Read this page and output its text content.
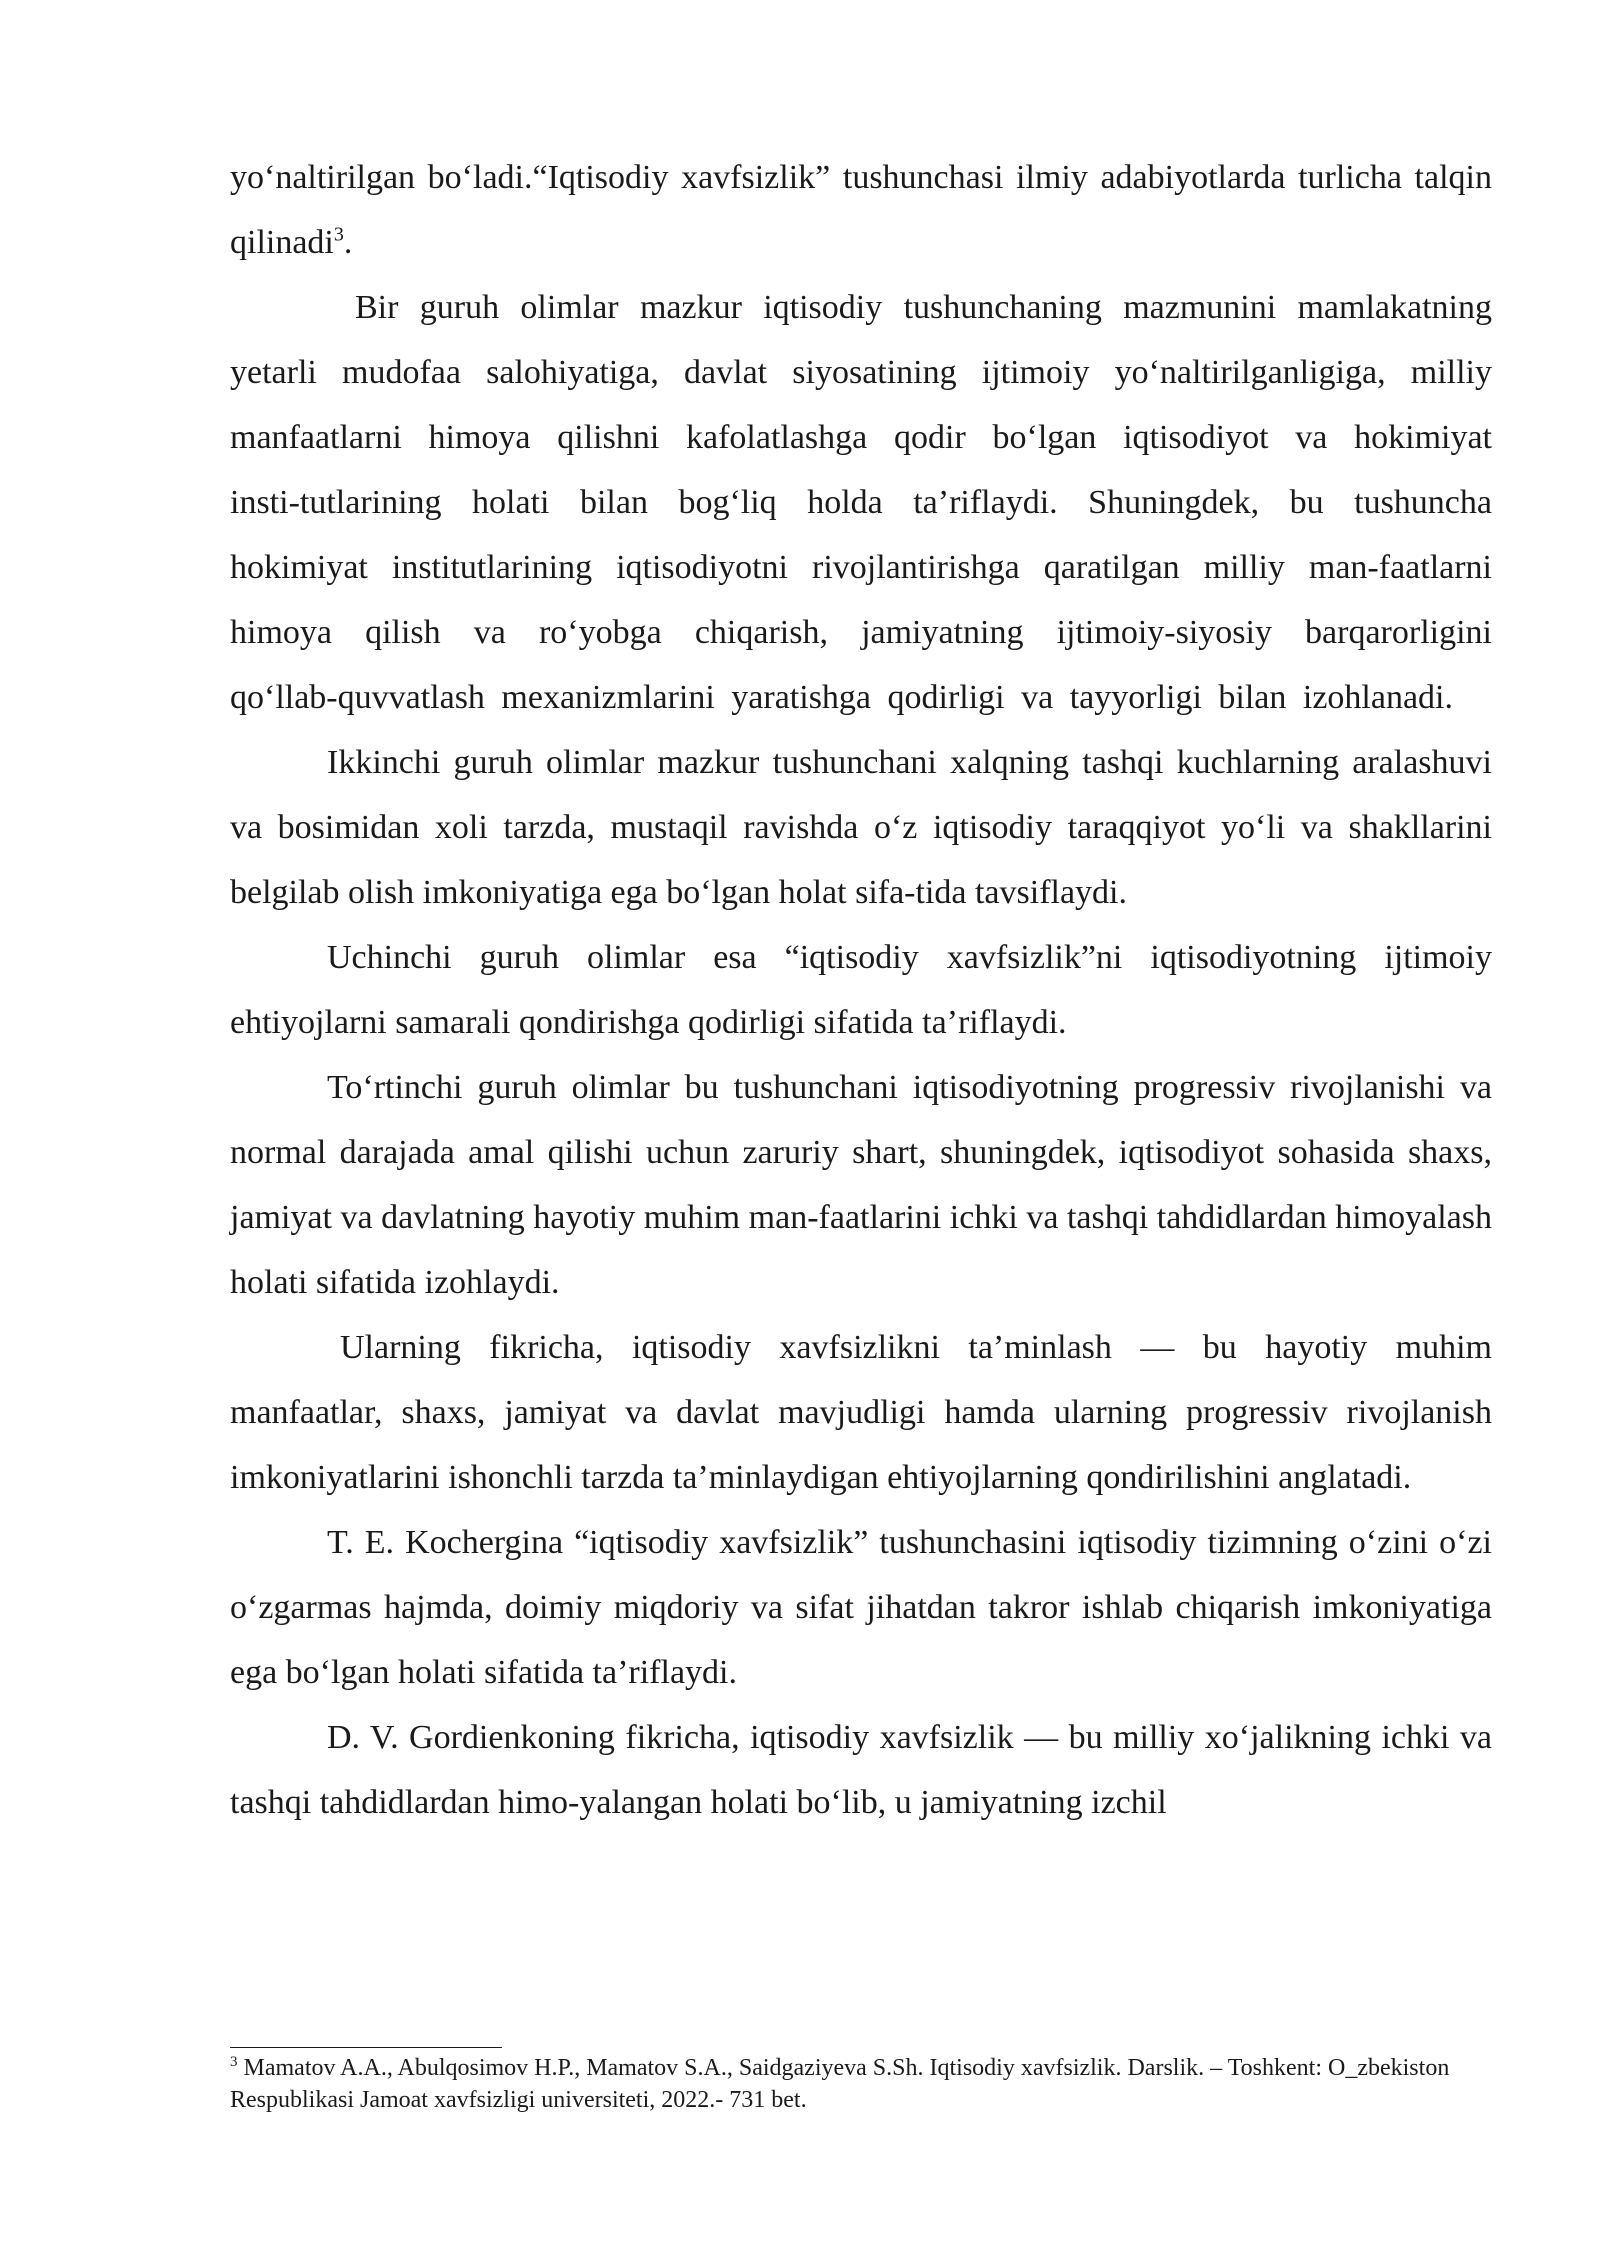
yo‘naltirilgan bo‘ladi.“Iqtisodiy xavfsizlik” tushunchasi ilmiy adabiyotlarda turlicha talqin qilinadi$^3$.

Bir guruh olimlar mazkur iqtisodiy tushunchaning mazmunini mamlakatning yetarli mudofaa salohiyatiga, davlat siyosatining ijtimoiy yo‘naltirilganligiga, milliy manfaatlarni himoya qilishni kafolatlashga qodir bo‘lgan iqtisodiyot va hokimiyat insti-tutlarining holati bilan bog‘liq holda ta’riflaydi. Shuningdek, bu tushuncha hokimiyat institutlarining iqtisodiyotni rivojlantirishga qaratilgan milliy man-faatlarni himoya qilish va ro‘yobga chiqarish, jamiyatning ijtimoiy-siyosiy barqarorligini qo‘llab-quvvatlash mexanizmlarini yaratishga qodirligi va tayyorligi bilan izohlanadi.

Ikkinchi guruh olimlar mazkur tushunchani xalqning tashqi kuchlarning aralashuvi va bosimidan xoli tarzda, mustaqil ravishda o‘z iqtisodiy taraqqiyot yo‘li va shakllarini belgilab olish imkoniyatiga ega bo‘lgan holat sifa-tida tavsiflaydi.

Uchinchi guruh olimlar esa “iqtisodiy xavfsizlik”ni iqtisodiyotning ijtimoiy ehtiyojlarni samarali qondirishga qodirligi sifatida ta’riflaydi.

To‘rtinchi guruh olimlar bu tushunchani iqtisodiyotning progressiv rivojlanishi va normal darajada amal qilishi uchun zaruriy shart, shuningdek, iqtisodiyot sohasida shaxs, jamiyat va davlatning hayotiy muhim man-faatlarini ichki va tashqi tahdidlardan himoyalash holati sifatida izohlaydi.

Ularning fikricha, iqtisodiy xavfsizlikni ta’minlash — bu hayotiy muhim manfaatlar, shaxs, jamiyat va davlat mavjudligi hamda ularning progressiv rivojlanish imkoniyatlarini ishonchli tarzda ta’minlaydigan ehtiyojlarning qondirilishini anglatadi.

T. E. Kochergina “iqtisodiy xavfsizlik” tushunchasini iqtisodiy tizimning o‘zini o‘zi o‘zgarmas hajmda, doimiy miqdoriy va sifat jihatdan takror ishlab chiqarish imkoniyatiga ega bo‘lgan holati sifatida ta’riflaydi.

D. V. Gordienkoning fikricha, iqtisodiy xavfsizlik — bu milliy xo‘jalikning ichki va tashqi tahdidlardan himo-yalangan holati bo‘lib, u jamiyatning izchil

$^3$ Mamatov A.A., Abulqosimov H.P., Mamatov S.A., Saidgaziyeva S.Sh. Iqtisodiy xavfsizlik. Darslik. – Toshkent: O_zbekiston Respublikasi Jamoat xavfsizligi universiteti, 2022.- 731 bet.
